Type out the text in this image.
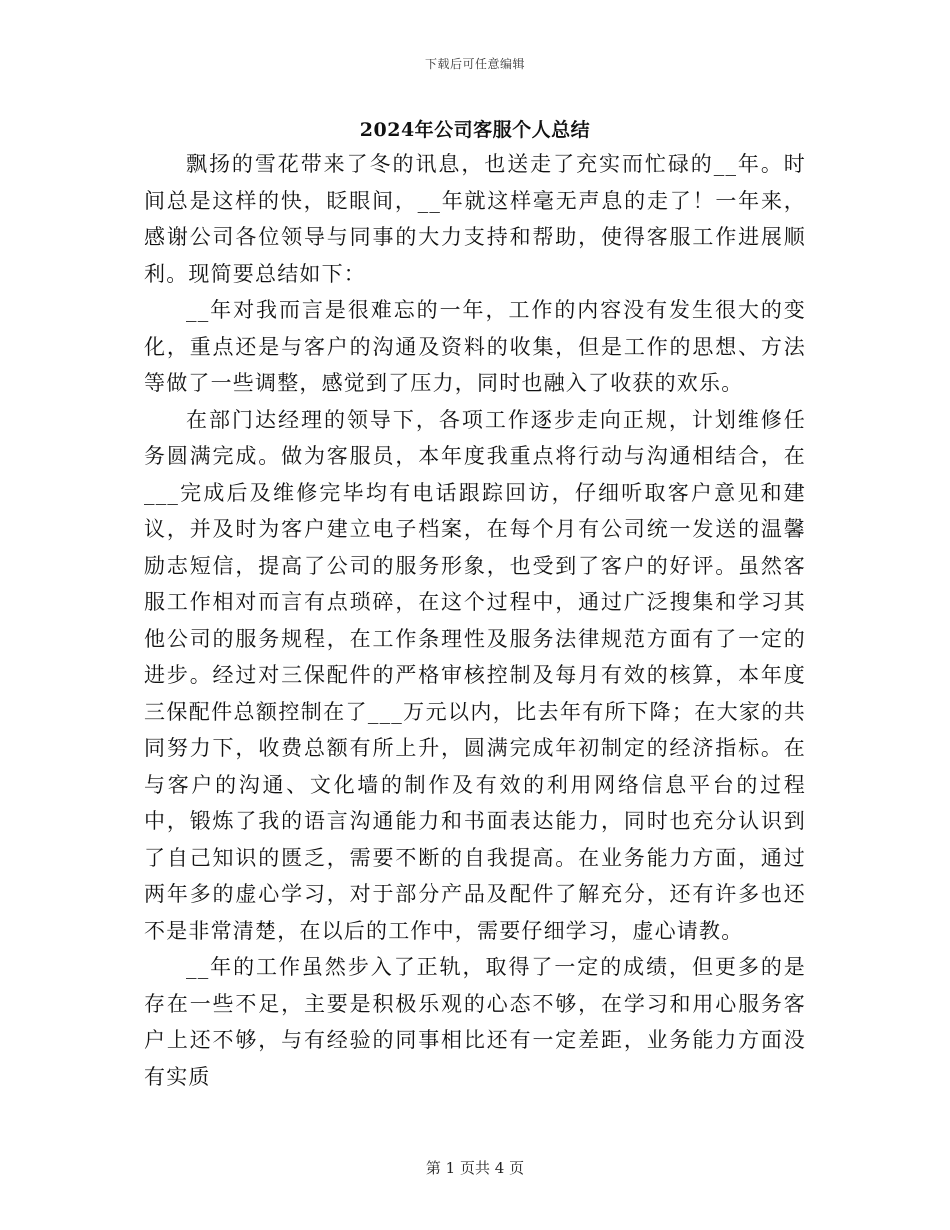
下载后可任意编辑
2024年公司客服个人总结

飘扬的雪花带来了冬的讯息，也送走了充实而忙碌的__年。时间总是这样的快，眨眼间，__年就这样毫无声息的走了！一年来，感谢公司各位领导与同事的大力支持和帮助，使得客服工作进展顺利。现简要总结如下：

__年对我而言是很难忘的一年，工作的内容没有发生很大的变化，重点还是与客户的沟通及资料的收集，但是工作的思想、方法等做了一些调整，感觉到了压力，同时也融入了收获的欢乐。

在部门达经理的领导下，各项工作逐步走向正规，计划维修任务圆满完成。做为客服员，本年度我重点将行动与沟通相结合，在___完成后及维修完毕均有电话跟踪回访，仔细听取客户意见和建议，并及时为客户建立电子档案，在每个月有公司统一发送的温馨励志短信，提高了公司的服务形象，也受到了客户的好评。虽然客服工作相对而言有点琐碎，在这个过程中，通过广泛搜集和学习其他公司的服务规程，在工作条理性及服务法律规范方面有了一定的进步。经过对三保配件的严格审核控制及每月有效的核算，本年度三保配件总额控制在了___万元以内，比去年有所下降；在大家的共同努力下，收费总额有所上升，圆满完成年初制定的经济指标。在与客户的沟通、文化墙的制作及有效的利用网络信息平台的过程中，锻炼了我的语言沟通能力和书面表达能力，同时也充分认识到了自己知识的匮乏，需要不断的自我提高。在业务能力方面，通过两年多的虚心学习，对于部分产品及配件了解充分，还有许多也还不是非常清楚，在以后的工作中，需要仔细学习，虚心请教。

__年的工作虽然步入了正轨，取得了一定的成绩，但更多的是存在一些不足，主要是积极乐观的心态不够，在学习和用心服务客户上还不够，与有经验的同事相比还有一定差距，业务能力方面没有实质

第 1 页共 4 页
